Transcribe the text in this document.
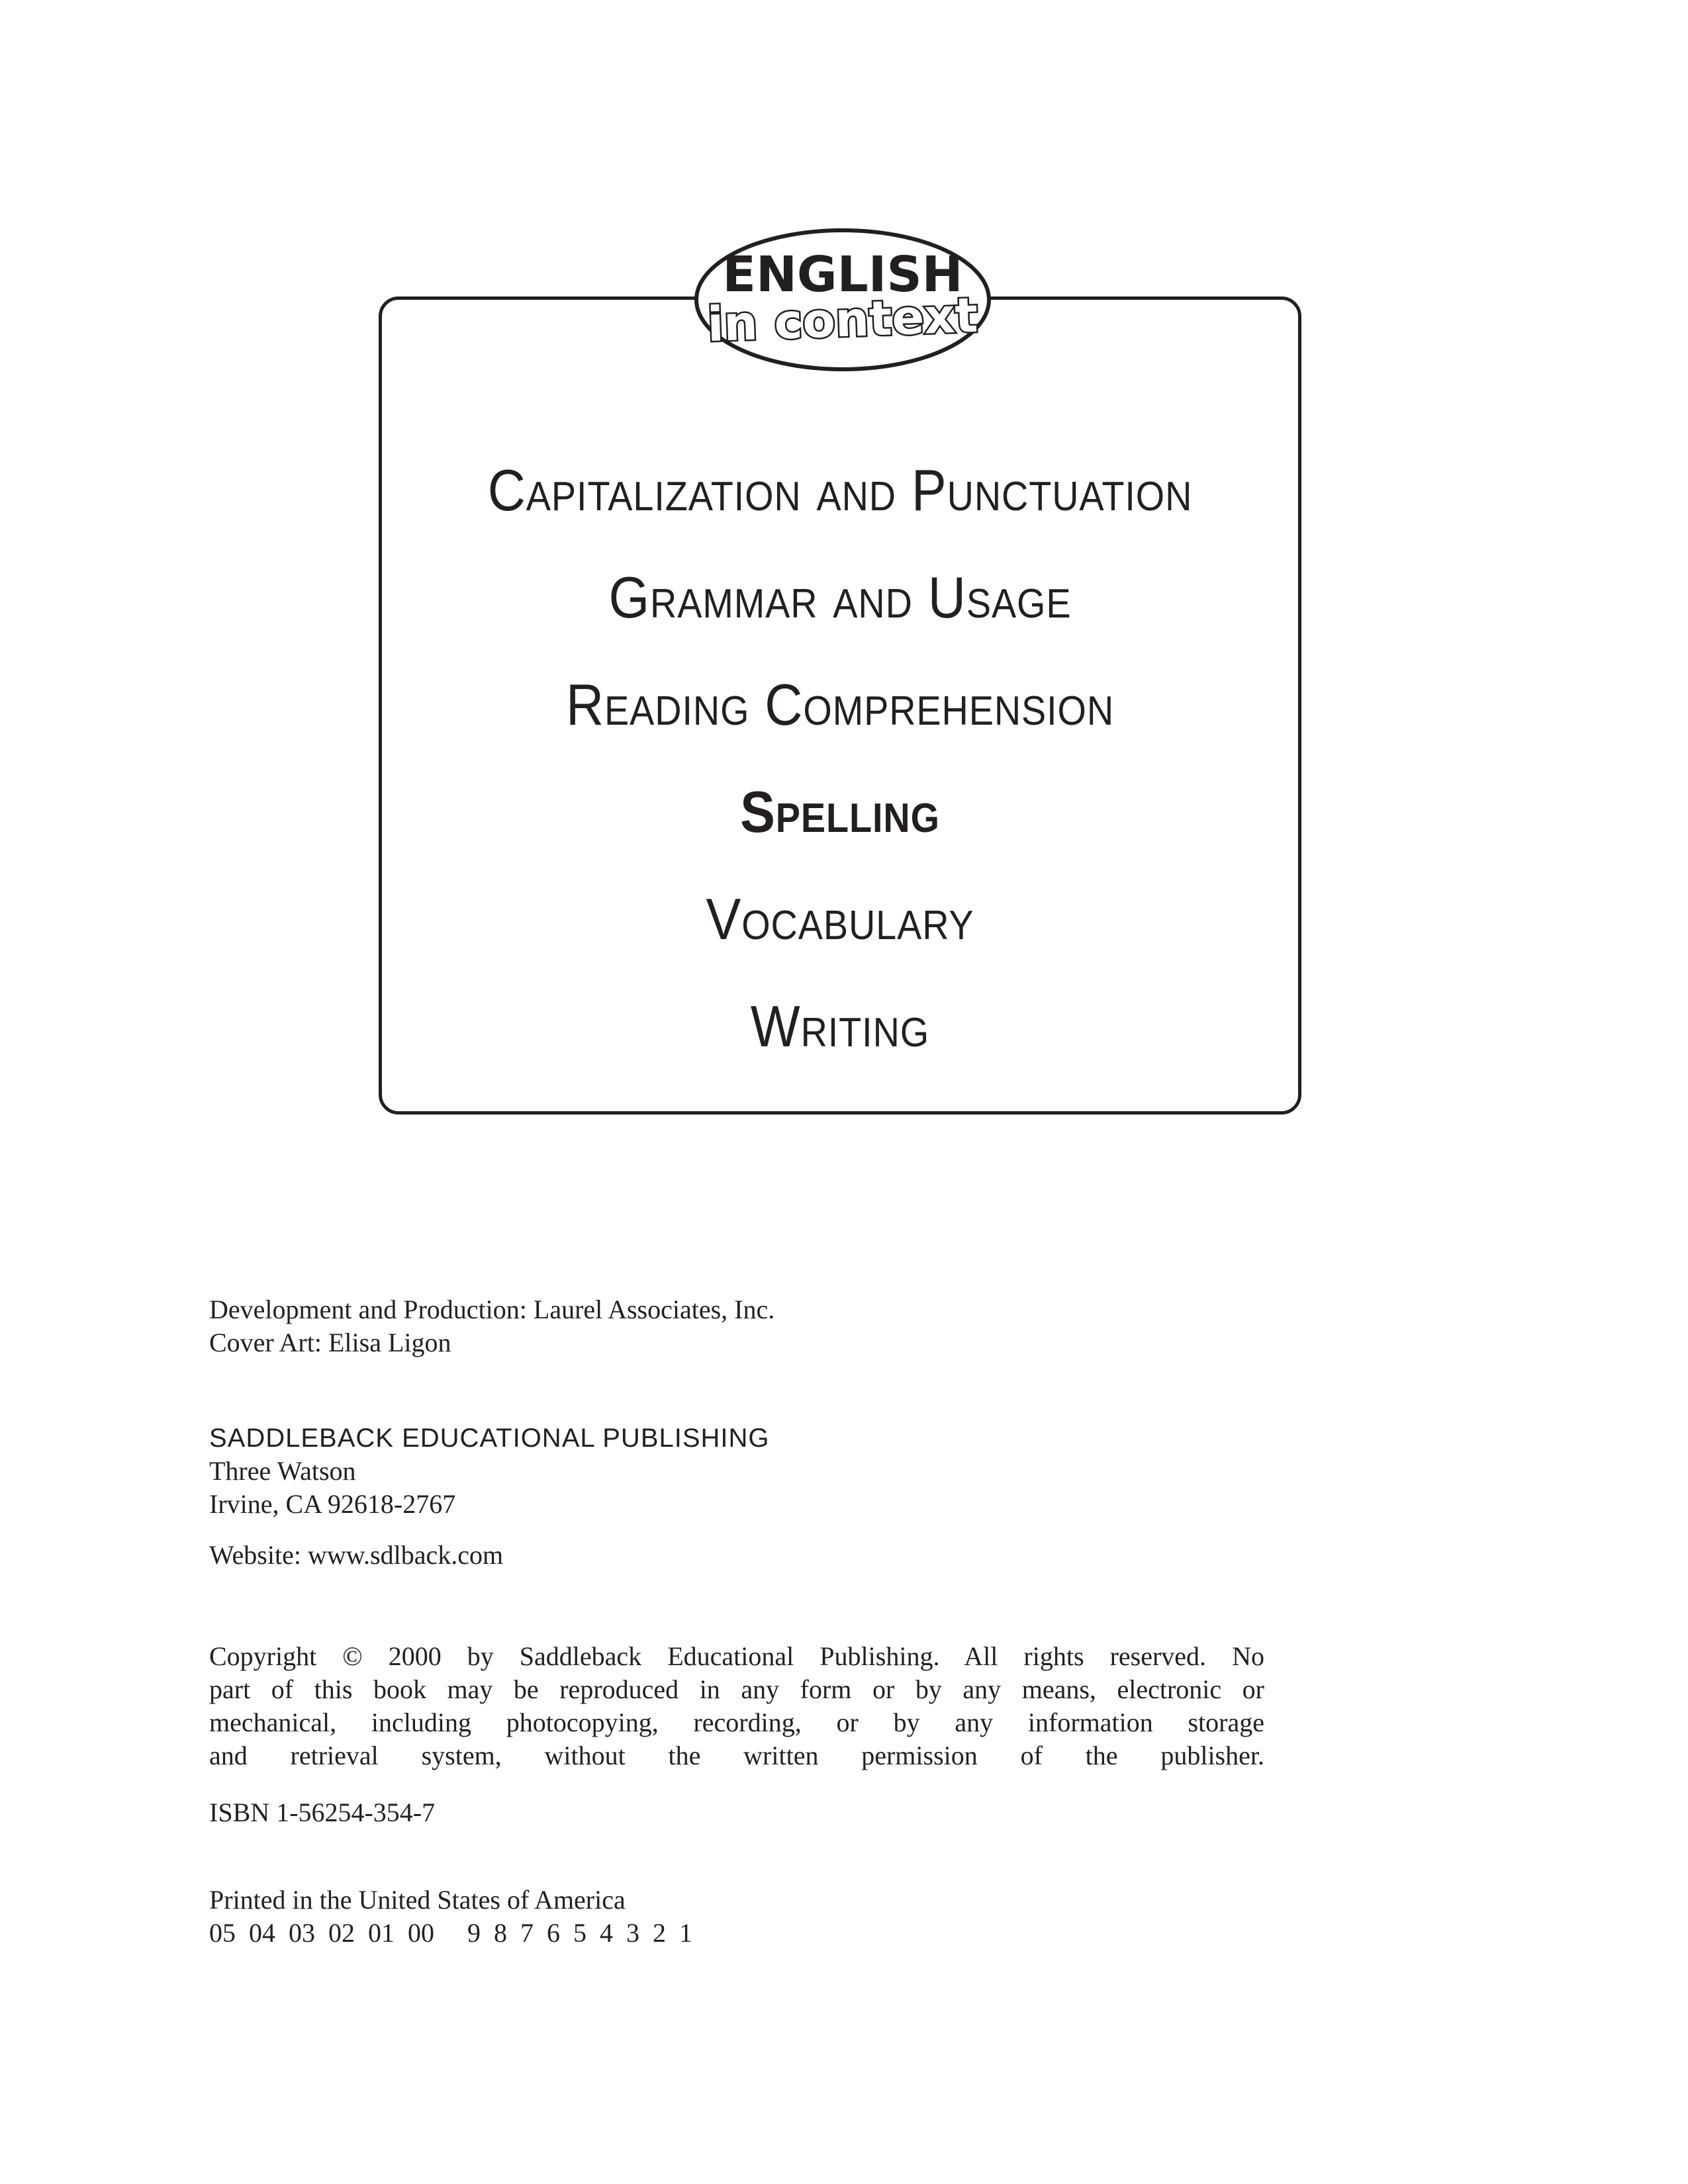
ENGLISH
in context
Capitalization and Punctuation
Grammar and Usage
Reading Comprehension
Spelling
Vocabulary
Writing
Development and Production: Laurel Associates, Inc.
Cover Art: Elisa Ligon
SADDLEBACK EDUCATIONAL PUBLISHING
Three Watson
Irvine, CA 92618-2767
Website: www.sdlback.com
Copyright © 2000 by Saddleback Educational Publishing. All rights reserved. No
part of this book may be reproduced in any form or by any means, electronic or
mechanical, including photocopying, recording, or by any information storage
and retrieval system, without the written permission of the publisher.
ISBN 1-56254-354-7
Printed in the United States of America
05  04  03  02  01  00     9  8  7  6  5  4  3  2  1
